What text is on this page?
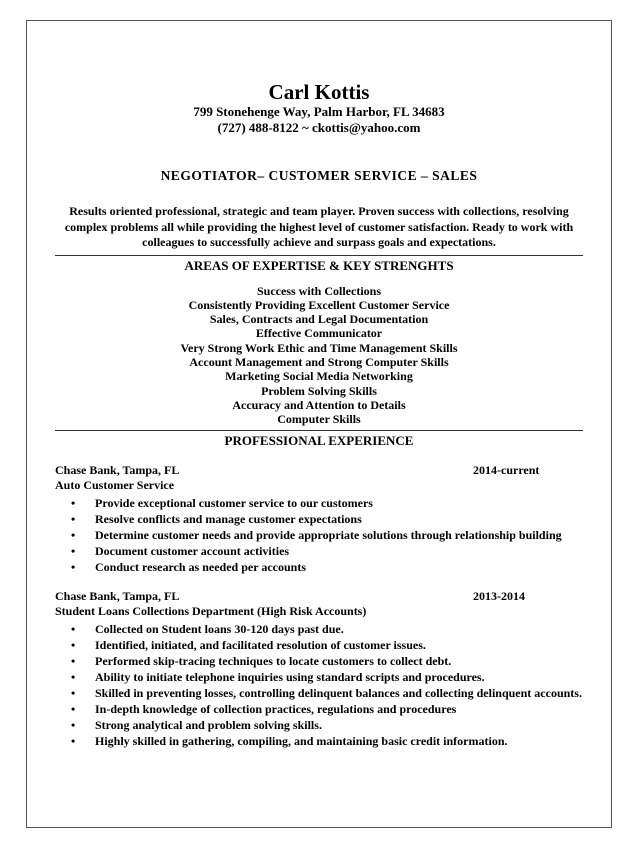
Carl Kottis

799 Stonehenge Way, Palm Harbor, FL 34683

(727) 488-8122 ~ ckottis@yahoo.com

NEGOTIATOR– CUSTOMER SERVICE – SALES
Results oriented professional, strategic and team player. Proven success with collections, resolving complex problems all while providing the highest level of customer satisfaction. Ready to work with colleagues to successfully achieve and surpass goals and expectations.
AREAS OF EXPERTISE & KEY STRENGHTS
Success with Collections
Consistently Providing Excellent Customer Service
Sales, Contracts and Legal Documentation
Effective Communicator
Very Strong Work Ethic and Time Management Skills
Account Management and Strong Computer Skills
Marketing Social Media Networking
Problem Solving Skills
Accuracy and Attention to Details
Computer Skills
PROFESSIONAL EXPERIENCE
Chase Bank, Tampa, FL	2014-current
Auto Customer Service
• Provide exceptional customer service to our customers
• Resolve conflicts and manage customer expectations
• Determine customer needs and provide appropriate solutions through relationship building
• Document customer account activities
• Conduct research as needed per accounts
Chase Bank, Tampa, FL	2013-2014
Student Loans Collections Department (High Risk Accounts)
• Collected on Student loans 30-120 days past due.
• Identified, initiated, and facilitated resolution of customer issues.
• Performed skip-tracing techniques to locate customers to collect debt.
• Ability to initiate telephone inquiries using standard scripts and procedures.
• Skilled in preventing losses, controlling delinquent balances and collecting delinquent accounts.
• In-depth knowledge of collection practices, regulations and procedures
• Strong analytical and problem solving skills.
• Highly skilled in gathering, compiling, and maintaining basic credit information.
